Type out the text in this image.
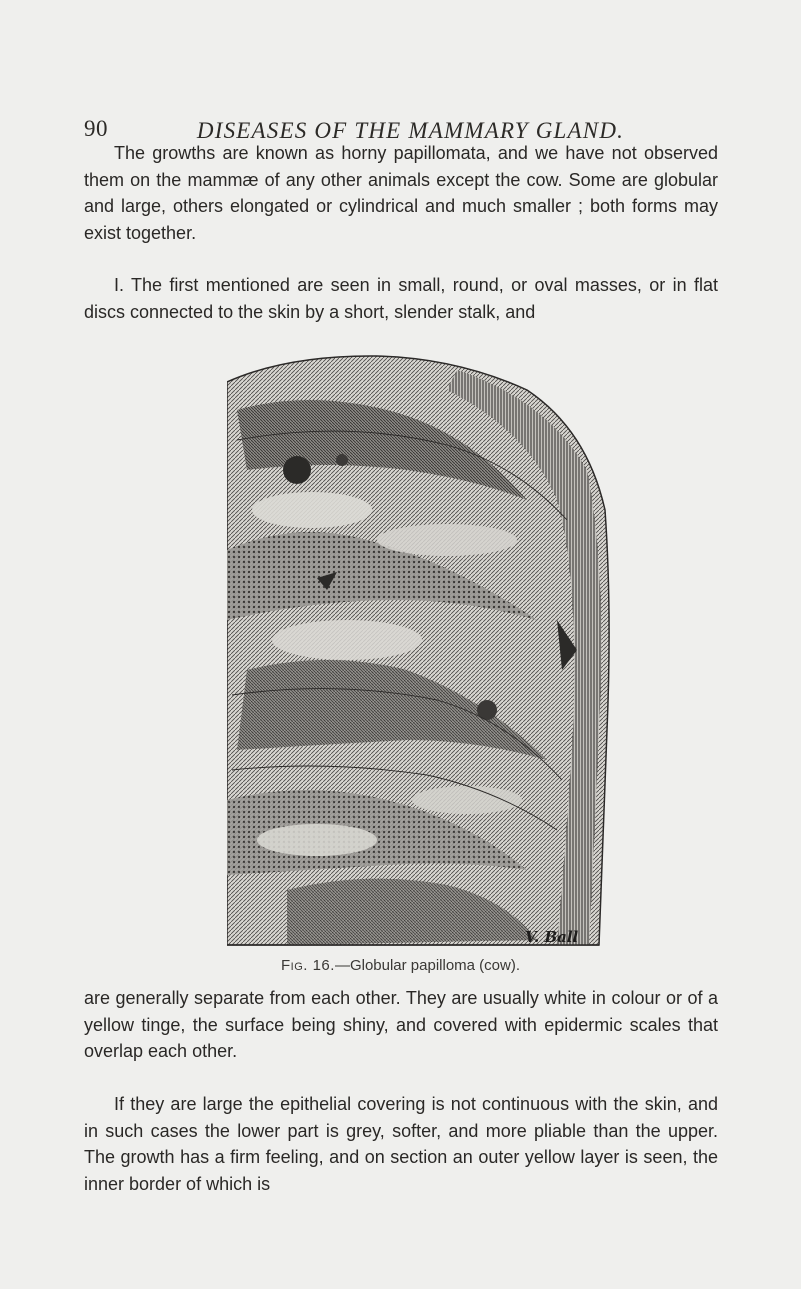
90	DISEASES OF THE MAMMARY GLAND.

The growths are known as horny papillomata, and we have not observed them on the mammæ of any other animals except the cow. Some are globular and large, others elongated or cylindrical and much smaller ; both forms may exist together.

I. The first mentioned are seen in small, round, or oval masses, or in flat discs connected to the skin by a short, slender stalk, and

V. Ball
Fig. 16.—Globular papilloma (cow).

are generally separate from each other. They are usually white in colour or of a yellow tinge, the surface being shiny, and covered with epidermic scales that overlap each other.

If they are large the epithelial covering is not continuous with the skin, and in such cases the lower part is grey, softer, and more pliable than the upper. The growth has a firm feeling, and on section an outer yellow layer is seen, the inner border of which is
